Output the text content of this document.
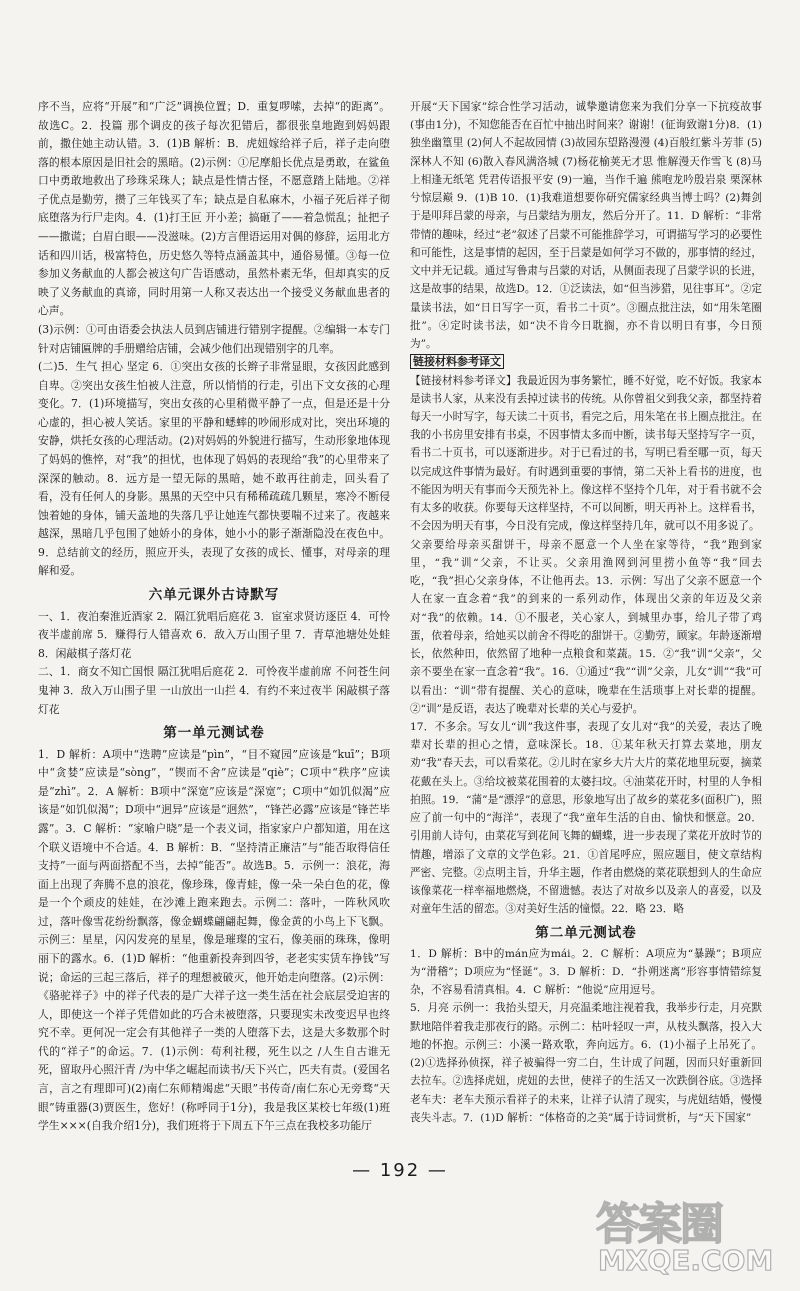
序不当，应将“开展”和“广泛”调换位置；D．重复啰嗦，去掉“的距离”。故选C。2．投篇 那个调皮的孩子每次犯错后，都很张皇地跑到妈妈跟前，撒住她主动认错。3．(1)B 解析：B．虎妞嫁给祥子后，祥子走向堕落的根本原因是旧社会的黑暗。(2)示例：①尼摩船长优点是勇敢，在鲨鱼口中勇敢地救出了珍珠采珠人；缺点是性情古怪，不愿意踏上陆地。②祥子优点是勤劳，攒了三年钱买了车；缺点是自私麻木，小福子死后祥子彻底堕落为行尸走肉。4．(1)打王叵 开小差；搞砸了——着急慌乱；扯把子——撒谎；白眉白眼——没滋味。(2)方言俚语运用对偶的修辞，运用北方话和四川话，极富特色，历史悠久等特点涵盖其中，通俗易懂。③每一位参加义务献血的人都会被这句广告语感动，虽然朴素无华，但却真实的反映了义务献血的真谛，同时用第一人称又表达出一个接受义务献血患者的心声。

(3)示例：①可由语委会执法人员到店铺进行错别字提醒。②编辑一本专门针对店铺匾牌的手册赠给店铺，会减少他们出现错别字的几率。

(二)5．生气 担心 坚定 6．①突出女孩的长辫子非常显眼，女孩因此感到自卑。②突出女孩生怕被人注意，所以悄悄的行走，引出下文女孩的心理变化。7．(1)环境描写，突出女孩的心里稍微平静了一点，但是还是十分心虚的，担心被人笑话。家里的平静和蟋蟀的吵闹形成对比，突出环境的安静，烘托女孩的心理活动。(2)对妈妈的外貌进行描写，生动形象地体现了妈妈的憔悴，对“我”的担忧，也体现了妈妈的表现给“我”的心里带来了深深的触动。8．远方是一望无际的黑暗，她不敢再往前走，回头看了看，没有任何人的身影。黑黑的天空中只有稀稀疏疏几颗星，寒冷不断侵蚀着她的身体，铺天盖地的失落几乎让她连气都快要喘不过来了。夜越来越深，黑暗几乎包围了她娇小的身体，她小小的影子渐渐隐没在夜色中。9．总结前文的经历，照应开头，表现了女孩的成长、懂事，对母亲的理解和爱。

六单元课外古诗默写

一、1．夜泊秦淮近酒家 2．隔江犹唱后庭花 3．宦室求贤访逐臣 4．可怜夜半虚前席 5．赚得行人错喜欢 6．敌入万山围子里 7．青草池塘处处蛙 8．闲敲棋子落灯花

二、1．商女不知亡国恨 隔江犹唱后庭花 2．可怜夜半虚前席 不问苍生问鬼神 3．敌入万山围子里 一山放出一山拦 4．有约不来过夜半 闲敲棋子落灯花

第一单元测试卷

1．D 解析：A项中“迭聘”应读是“pìn”，“目不窥园”应该是“kuī”；B项中“贪婪”应读是“sòng”，“锲而不舍”应读是“qiè”；C项中“秩序”应读是“zhì”。2．A 解析：B项中“深宽”应该是“深宽”；C项中“如饥似渴”应该是“如饥似渴”；D项中“迥异”应该是“迥然”，“锋芒必露”应该是“锋芒毕露”。3．C 解析：“家喻户晓”是一个表义词，指家家户户都知道，用在这个联义语境中不合适。4．B 解析：B．“坚持清正廉洁”与“能否取得信任支持”一面与两面搭配不当，去掉“能否”。故选B。5．示例一：浪花，海面上出现了奔腾不息的浪花，像珍珠，像青蛙，像一朵一朵白色的花，像是一个个顽皮的娃娃，在沙滩上跑来跑去。示例二：落叶，一阵秋风吹过，落叶像雪花纷纷飘落，像金蝴蝶翩翩起舞，像金黄的小鸟上下飞飘。示例三：星星，闪闪发亮的星星，像是璀璨的宝石，像美丽的珠珠，像明丽下的露水。6．(1)D 解析：“他重新投奔到四爷，老老实实赁车挣钱”写说；命运的三起三落后，祥子的理想被破灭，他开始走向堕落。(2)示例：《骆驼祥子》中的祥子代表的是广大祥子这一类生活在社会底层受迫害的人，即使这一个祥子凭借如此的巧合未被堕落，只要现实未改变迟早也终究不幸。更何况一定会有其他祥子一类的人堕落下去，这是大多数那个时代的“祥子”的命运。7．(1)示例：苟利社稷，死生以之 /人生自古谁无死，留取丹心照汗青 /为中华之崛起而读书/天下兴亡，匹夫有责。(爱国名言，言之有理即可)(2)南仁东师精竭虑“天眼”书传奇/南仁东心无旁骛“天眼”铸重器(3)贾医生，您好！(称呼同于1分)，我是我区某校七年级(1)班学生×××(自我介绍1分)，我们班将于下周五下午三点在我校多功能厅

开展“天下国家”综合性学习活动，诚挚邀请您来为我们分享一下抗疫故事(事由1分)，不知您能否在百忙中抽出时间来？谢谢！(征询致谢1分)8．(1)独坐幽篁里 (2)何人不起故园情 (3)故园东望路漫漫 (4)百般红紫斗芳菲 (5)深林人不知 (6)散入春风满洛城 (7)杨花榆荚无才思 惟解漫天作雪飞 (8)马上相逢无纸笔 凭君传语报平安 (9)一遍，当作千遍 熊咆龙吟殷岩泉 栗深林兮惊层巅 9．(1)B 10．(1)我难道想要你研究儒家经典当博士吗？(2)舞剑于是叩拜吕蒙的母亲，与吕蒙结为朋友，然后分开了。11．D 解析：“非常带情的趣味，经过“老”叙述了吕蒙不可能推辞学习，可谓描写学习的必要性和可能性，这是事情的起因，至于吕蒙是如何学习不做的，那事情的经过，文中并无记载。通过写鲁肃与吕蒙的对话，从侧面表现了吕蒙学识的长进，这是故事的结果，故选D。12．①泛读法，如“但当涉猎，见往事耳”。②定量读书法，如“日日写字一页，看书二十页”。③圈点批注法，如“用朱笔圈批”。④定时读书法，如“决不肯今日耽搁，亦不肯以明日有事，今日预为”。

链接材料参考译文

【链接材料参考译文】我最近因为事务繁忙，睡不好觉，吃不好饭。我家本是读书人家，从来没有丢掉过读书的传统。从你曾祖父到我父亲，都坚持着每天一小时写字，每天读二十页书，看完之后，用朱笔在书上圈点批注。在我的小书房里安排有书桌，不因事情太多而中断，读书每天坚持写字一页，看书二十页书，可以逐渐进步。对于已看过的书，写明已看至哪一页，每天以完成这件事情为最好。有时遇到重要的事情，第二天补上看书的进度，也不能因为明天有事而今天预先补上。像这样不坚持个几年，对于看书就不会有太多的收获。你要每天这样坚持，不可以间断，明天再补上。这样看书，不会因为明天有事，今日没有完成，像这样坚持几年，就可以不用多说了。

父亲要给母亲买甜饼干，母亲不愿意一个人坐在家等待，“我”跑到家里，“我”训“父亲，不让买。父亲用渔网到河里捞小鱼等“我”回去吃，“我”担心父亲身体，不让他再去。13．示例：写出了父亲不愿意一个人在家一直念着“我”的到来的一系列动作，体现出父亲的年迈及父亲对“我”的依赖。14．①不服老，关心家人，到城里办事，给儿子带了鸡蛋，依着母亲，给她买以前舍不得吃的甜饼干。②勤劳，顾家。年龄逐渐增长，依然种田，依然留了地种一点粮食和菜蔬。15．②“我”训“父亲”，父亲不要坐在家一直念着“我”。16．①通过“我”“训”父亲，儿女“训”“我”可以看出：“训”带有提醒、关心的意味，晚辈在生活琐事上对长辈的提醒。②“训”是反语，表达了晚辈对长辈的关心与爱护。

17．不多余。写女儿“训”我这件事，表现了女儿对“我”的关爱，表达了晚辈对长辈的担心之情，意味深长。18．①某年秋天打算去菜地，朋友劝“我”春天去，可以看菜花。②儿时在家乡大片大片的菜花地里玩耍，摘菜花戴在头上。③给坟被菜花围着的太婆扫坟。④油菜花开时，村里的人争相拍照。19．“蒲”是“漂浮”的意思，形象地写出了故乡的菜花多(面积广)，照应了前一句中的“海洋”，表现了“我”童年生活的自由、愉快和惬意。20．引用前人诗句，由菜花写到花间飞舞的蝴蝶，进一步表现了菜花开放时节的情趣，增添了文章的文学色彩。21．①首尾呼应，照应题目，使文章结构严密、完整。②点明主旨，升华主题，作者由燃烧的菜花联想到人的生命应该像菜花一样率福地燃烧，不留遗憾。表达了对故乡以及亲人的喜爱，以及对童年生活的留恋。③对美好生活的憧憬。22．略 23．略

第二单元测试卷

1．D 解析：B中的mán应为mái。2．C 解析：A项应为“暴躁”；B项应为“滑稽”；D项应为“怪诞”。3．D 解析：D．“扑朔迷离”形容事情错综复杂，不容易看清真相。4．C 解析：“他说”应用逗号。

5．月亮 示例一：我抬头望天，月亮温柔地注视着我，我举步行走，月亮默默地陪伴着我走那夜行的路。示例二：枯叶轻叹一声，从枝头飘落，投入大地的怀抱。示例三：小溪一路欢歌，奔向远方。6．(1)小福子上吊死了。(2)①选择孙侦探，祥子被骗得一穷二白，生计成了问题，因而只好重新回去拉车。②选择虎妞，虎妞的去世，使祥子的生活又一次跌倒谷底。③选择老车夫：老车夫预示看祥子的未来，让祥子认清了现实，与虎妞结婚，慢慢丧失斗志。7．(1)D 解析：“体格奇的之美”属于诗词赏析，与“天下国家”

— 192 —
答案圈
MXQE.COM
